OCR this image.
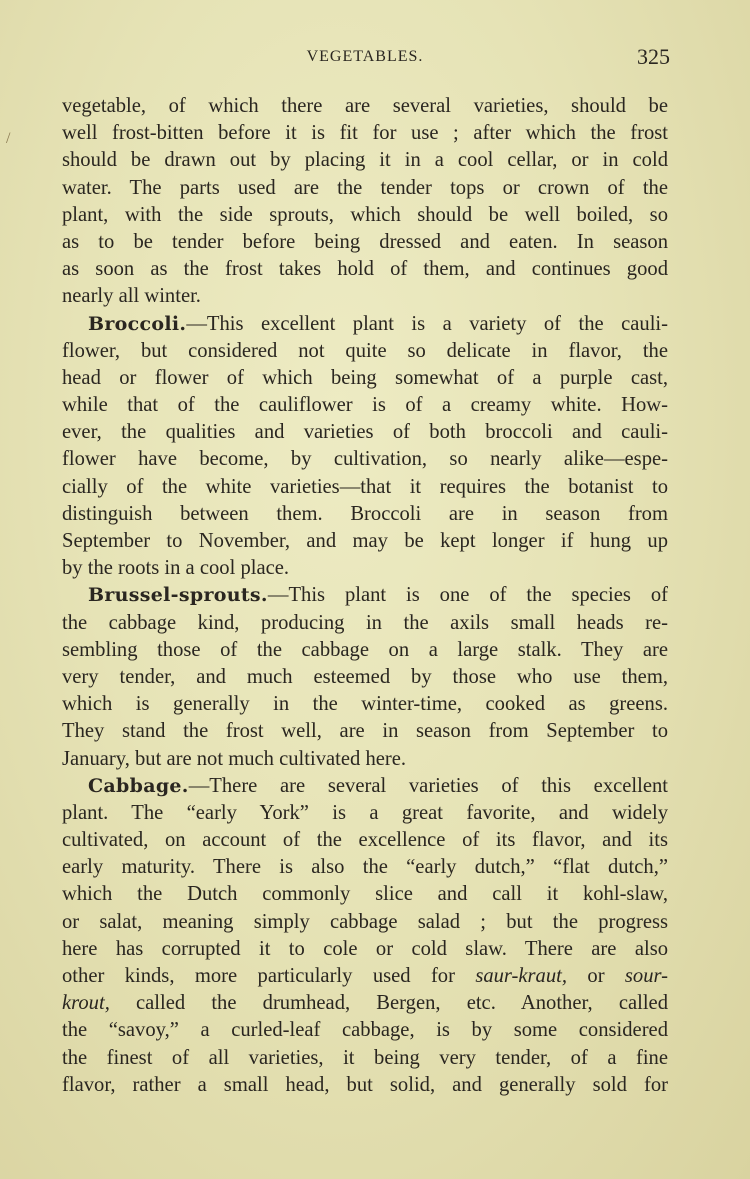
/
VEGETABLES.	325
vegetable, of which there are several varieties, should be
well frost-bitten before it is fit for use ; after which the frost
should be drawn out by placing it in a cool cellar, or in cold
water. The parts used are the tender tops or crown of the
plant, with the side sprouts, which should be well boiled, so
as to be tender before being dressed and eaten. In season
as soon as the frost takes hold of them, and continues good
nearly all winter.
Broccoli.—This excellent plant is a variety of the cauli-
flower, but considered not quite so delicate in flavor, the
head or flower of which being somewhat of a purple cast,
while that of the cauliflower is of a creamy white. How-
ever, the qualities and varieties of both broccoli and cauli-
flower have become, by cultivation, so nearly alike—espe-
cially of the white varieties—that it requires the botanist to
distinguish between them. Broccoli are in season from
September to November, and may be kept longer if hung up
by the roots in a cool place.
Brussel-sprouts.—This plant is one of the species of
the cabbage kind, producing in the axils small heads re-
sembling those of the cabbage on a large stalk. They are
very tender, and much esteemed by those who use them,
which is generally in the winter-time, cooked as greens.
They stand the frost well, are in season from September to
January, but are not much cultivated here.
Cabbage.—There are several varieties of this excellent
plant. The “early York” is a great favorite, and widely
cultivated, on account of the excellence of its flavor, and its
early maturity. There is also the “early dutch,” “flat dutch,”
which the Dutch commonly slice and call it kohl-slaw,
or salat, meaning simply cabbage salad ; but the progress
here has corrupted it to cole or cold slaw. There are also
other kinds, more particularly used for saur-kraut, or sour-
krout, called the drumhead, Bergen, etc. Another, called
the “savoy,” a curled-leaf cabbage, is by some considered
the finest of all varieties, it being very tender, of a fine
flavor, rather a small head, but solid, and generally sold for
